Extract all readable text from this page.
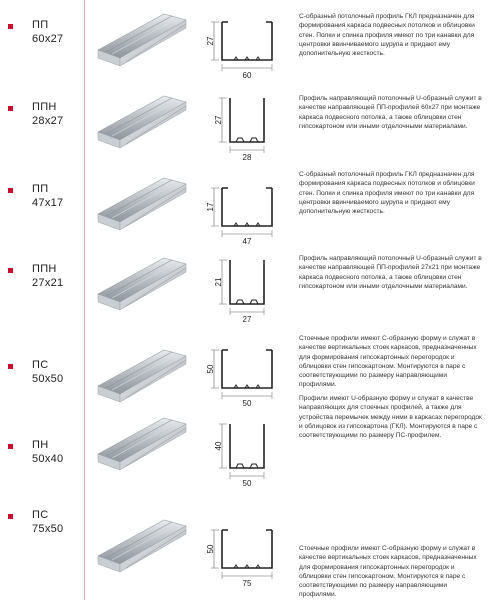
ПП
60x27	27
60
С-образный потолочный профиль ГКЛ предназначен для формирования каркаса подвесных потолков и облицовки стен. Полки и спинка профиля имеют по три канавки для центровки ввинчиваемого шурупа и придают ему дополнительную жесткость.
ППН
28x27	27
28
Профиль направляющий потолочный U-образный служит в качестве направляющей ПП-профилей 60х27 при монтаже каркаса подвесного потолка, а также облицовки стен гипсокартоном или иными отделочными материалами.
ПП
47x17	17
47
С-образный потолочный профиль ГКЛ предназначен для формирования каркаса подвесных потолков и облицовки стен. Полки и спинка профиля имеют по три канавки для центровки ввинчиваемого шурупа и придают ему дополнительную жесткость.
ППН
27x21	21
27
Профиль направляющий потолочный U-образный служит в качестве направляющей ПП-профилей 27х21 при монтаже каркаса подвесного потолка, а также облицовки стен гипсокартоном или иными отделочными материалами.
ПС
50x50
50
50
Стоечные профили имеют С-образную форму и служат в качестве вертикальных стоек каркасов, предназначенных для формирования гипсокартонных перегородок и облицовки стен гипсокартоном. Монтируются в паре с соответствующими по размеру направляющими профилями.
ПН
50x40
40
50
Профили имеют U-образную форму и служат в качестве направляющих для стоечных профилей, а также для устройства перемычек между ними в каркасах перегородок и облицовок из гипсокартона (ГКЛ). Монтируются в паре с соответствующими по размеру ПС-профилем.
ПС
75x50
50
75
Стоечные профили имеют С-образную форму и служат в качестве вертикальных стоек каркасов, предназначенных для формирования гипсокартонных перегородок и облицовки стен гипсокартоном. Монтируются в паре с соответствующими по размеру направляющими профилями.
